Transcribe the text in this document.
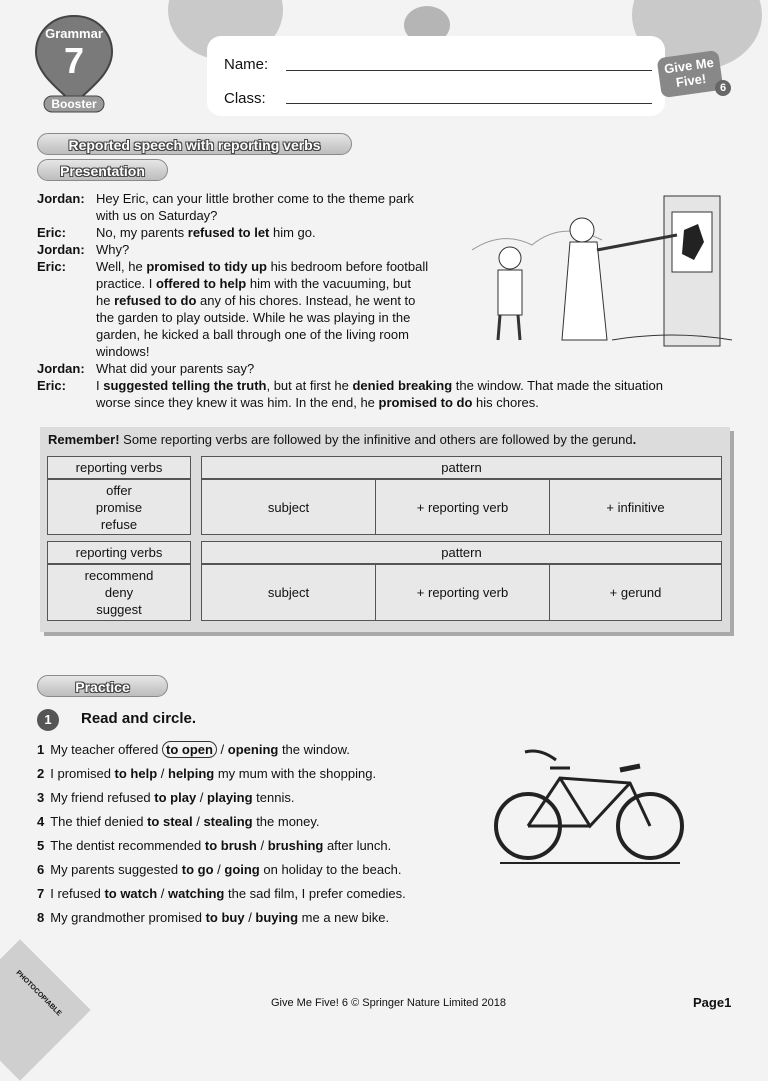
Grammar
7
Booster
Name:
Class:
Give Me Five!	6
Reported speech with reporting verbs
Presentation
Jordan: Hey Eric, can your little brother come to the theme park
with us on Saturday?
Eric: No, my parents refused to let him go.
Jordan: Why?
Eric: Well, he promised to tidy up his bedroom before football
practice. I offered to help him with the vacuuming, but
he refused to do any of his chores. Instead, he went to
the garden to play outside. While he was playing in the
garden, he kicked a ball through one of the living room
windows!
Jordan: What did your parents say?
Eric: I suggested telling the truth, but at first he denied breaking the window. That made the situation
worse since they knew it was him. In the end, he promised to do his chores.
Remember! Some reporting verbs are followed by the infinitive and others are followed by the gerund.
reporting verbs	pattern
offer
promise
refuse
subject	+ reporting verb	+ infinitive
reporting verbs	pattern
recommend
deny
suggest
subject	+ reporting verb	+ gerund
Practice
1	Read and circle.
1 My teacher offered to open / opening the window.
2 I promised to help / helping my mum with the shopping.
3 My friend refused to play / playing tennis.
4 The thief denied to steal / stealing the money.
5 The dentist recommended to brush / brushing after lunch.
6 My parents suggested to go / going on holiday to the beach.
7 I refused to watch / watching the sad film, I prefer comedies.
8 My grandmother promised to buy / buying me a new bike.
PHOTOCOPIABLE	Give Me Five! 6 © Springer Nature Limited 2018	Page1
